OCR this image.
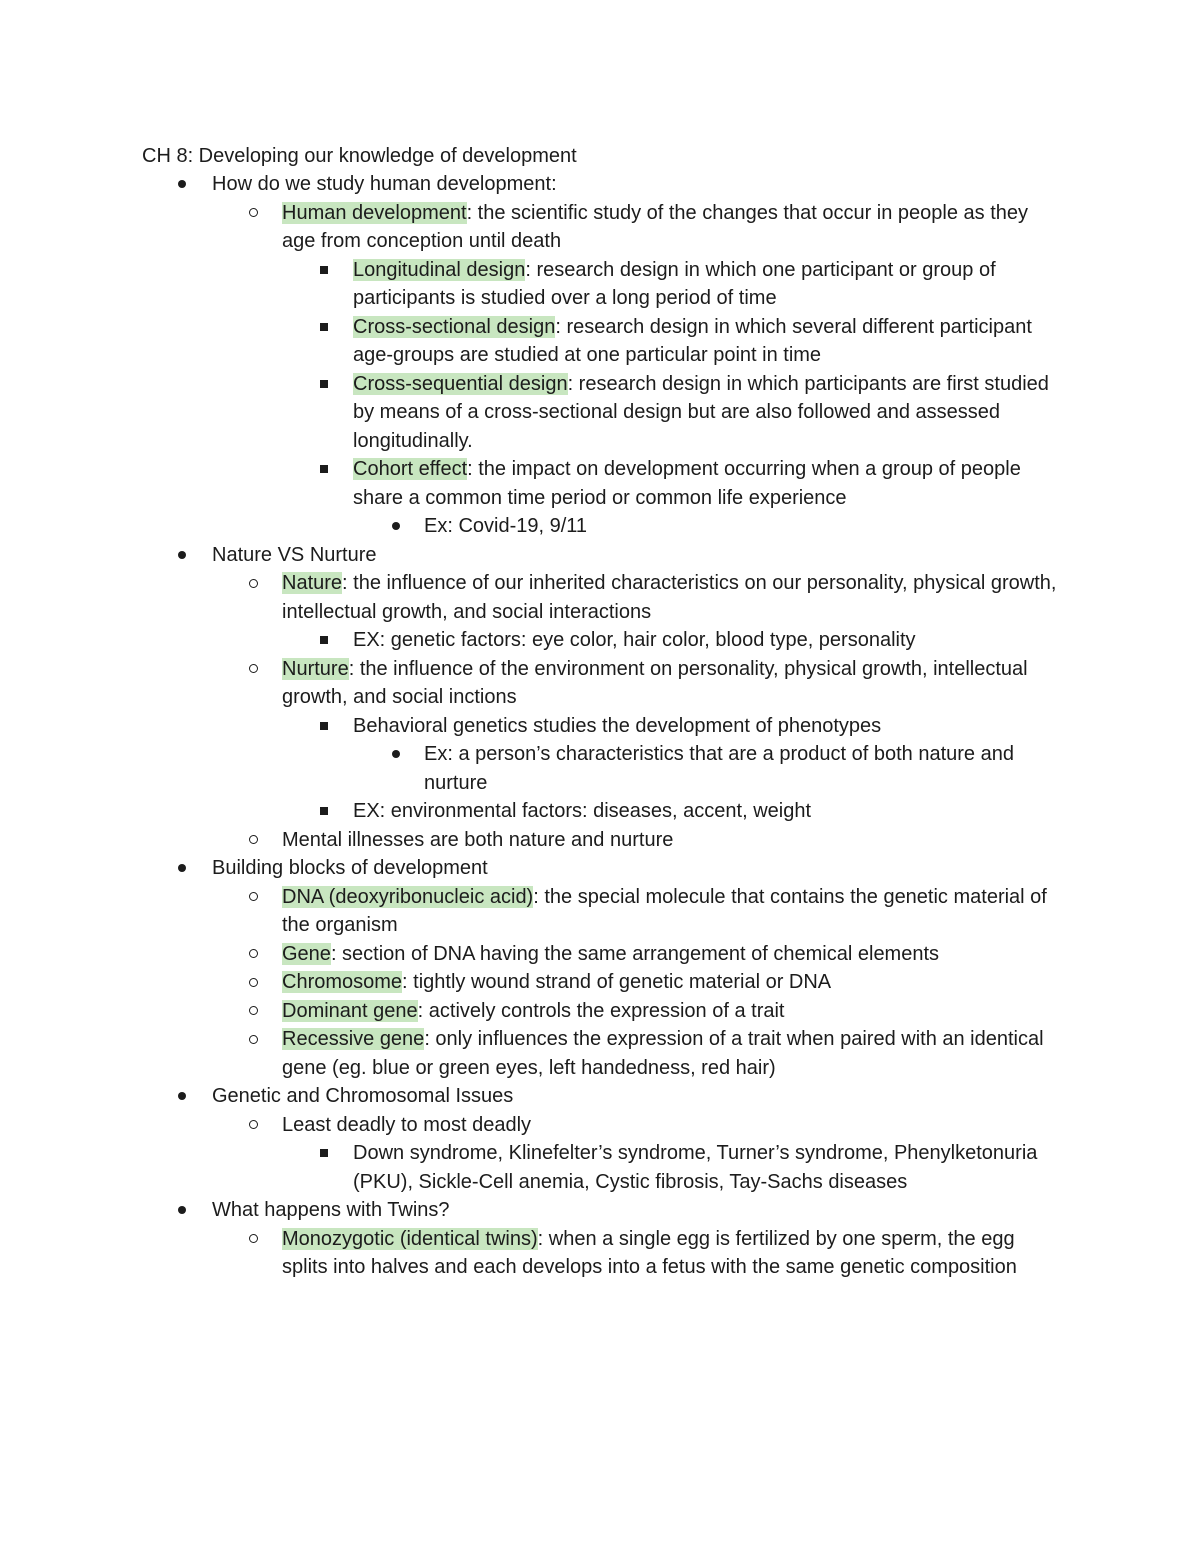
CH 8: Developing our knowledge of development
How do we study human development:
Human development: the scientific study of the changes that occur in people as they age from conception until death
Longitudinal design: research design in which one participant or group of participants is studied over a long period of time
Cross-sectional design: research design in which several different participant age-groups are studied at one particular point in time
Cross-sequential design: research design in which participants are first studied by means of a cross-sectional design but are also followed and assessed longitudinally.
Cohort effect: the impact on development occurring when a group of people share a common time period or common life experience
Ex: Covid-19, 9/11
Nature VS Nurture
Nature: the influence of our inherited characteristics on our personality, physical growth, intellectual growth, and social interactions
EX: genetic factors: eye color, hair color, blood type, personality
Nurture: the influence of the environment on personality, physical growth, intellectual growth, and social inctions
Behavioral genetics studies the development of phenotypes
Ex: a person’s characteristics that are a product of both nature and nurture
EX: environmental factors: diseases, accent, weight
Mental illnesses are both nature and nurture
Building blocks of development
DNA (deoxyribonucleic acid): the special molecule that contains the genetic material of the organism
Gene: section of DNA having the same arrangement of chemical elements
Chromosome: tightly wound strand of genetic material or DNA
Dominant gene: actively controls the expression of a trait
Recessive gene: only influences the expression of a trait when paired with an identical gene (eg. blue or green eyes, left handedness, red hair)
Genetic and Chromosomal Issues
Least deadly to most deadly
Down syndrome, Klinefelter’s syndrome, Turner’s syndrome, Phenylketonuria (PKU), Sickle-Cell anemia, Cystic fibrosis, Tay-Sachs diseases
What happens with Twins?
Monozygotic (identical twins): when a single egg is fertilized by one sperm, the egg splits into halves and each develops into a fetus with the same genetic composition
